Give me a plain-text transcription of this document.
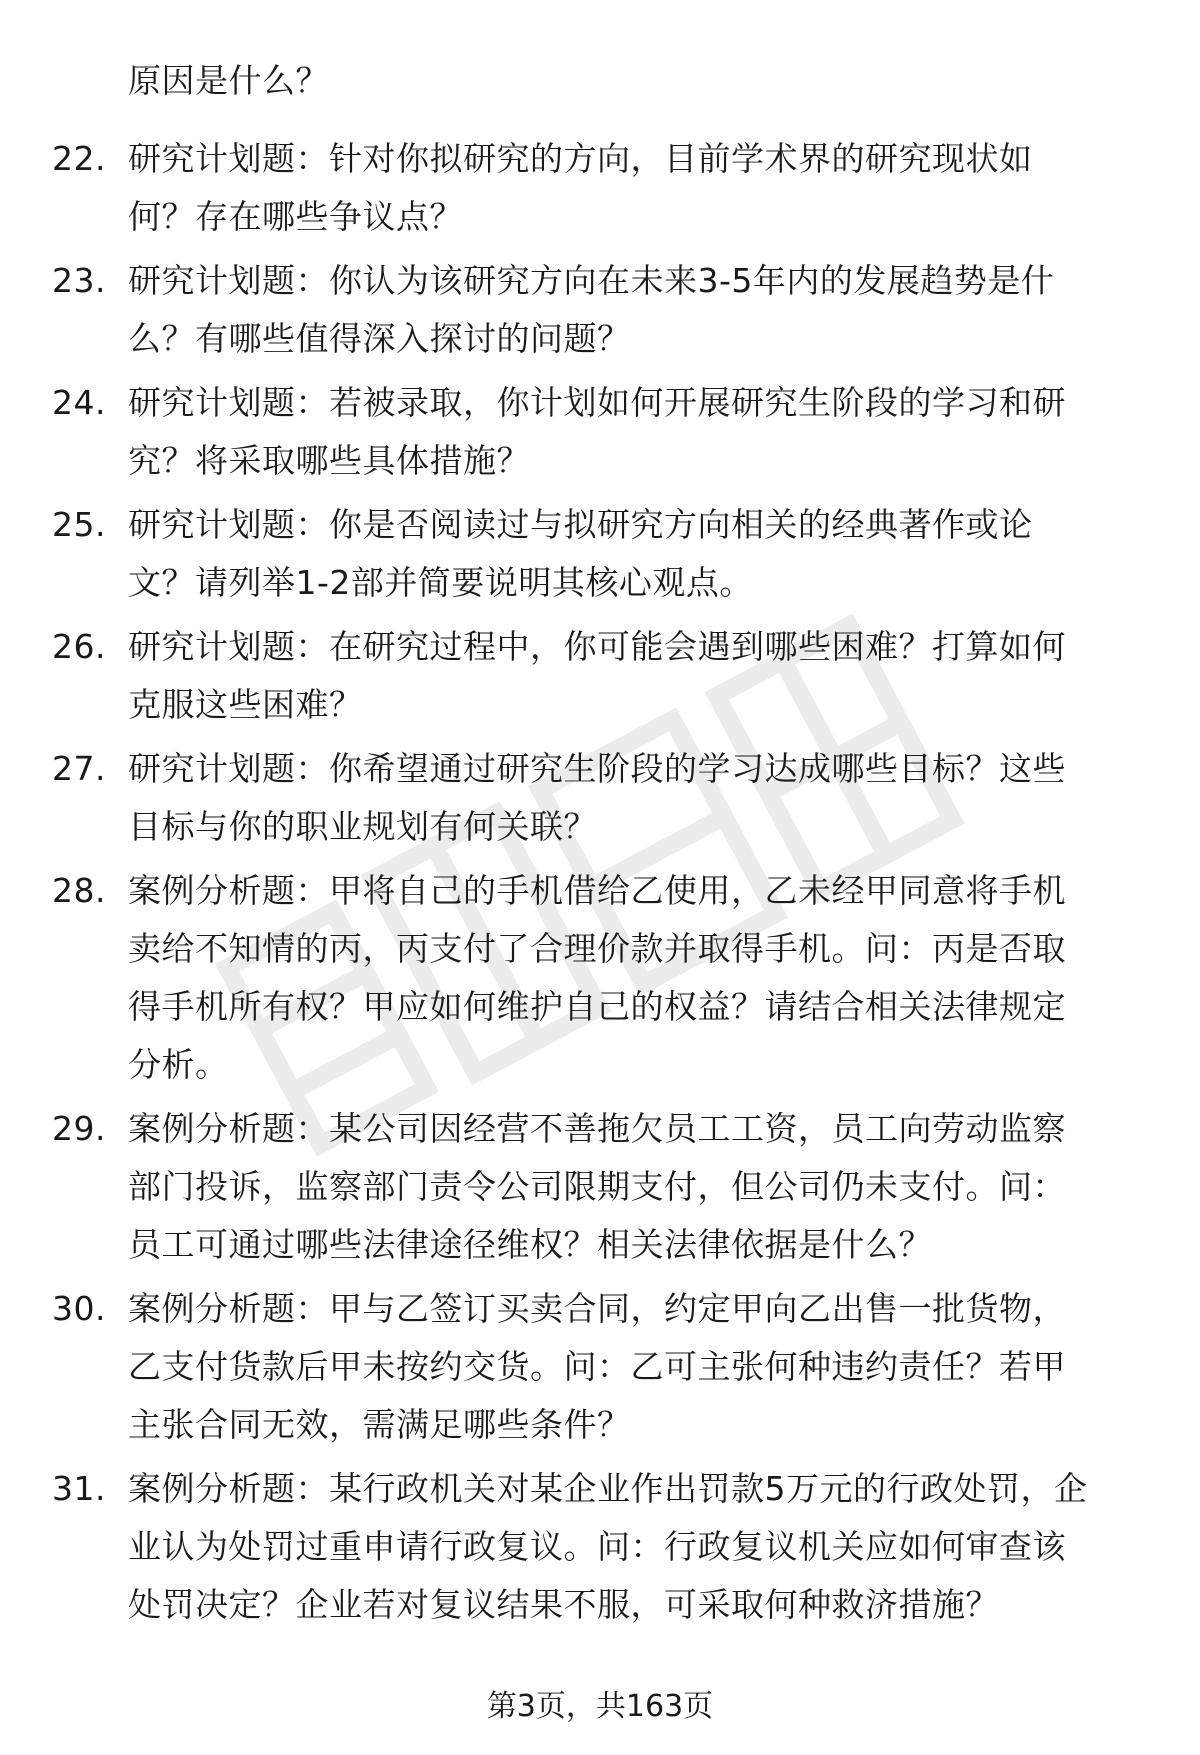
原因是什么？
22. 研究计划题：针对你拟研究的方向，目前学术界的研究现状如
何？存在哪些争议点？
23. 研究计划题：你认为该研究方向在未来3-5年内的发展趋势是什
么？有哪些值得深入探讨的问题？
24. 研究计划题：若被录取，你计划如何开展研究生阶段的学习和研
究？将采取哪些具体措施？
25. 研究计划题：你是否阅读过与拟研究方向相关的经典著作或论
文？请列举1-2部并简要说明其核心观点。
26. 研究计划题：在研究过程中，你可能会遇到哪些困难？打算如何
克服这些困难？
27. 研究计划题：你希望通过研究生阶段的学习达成哪些目标？这些
目标与你的职业规划有何关联？
28. 案例分析题：甲将自己的手机借给乙使用，乙未经甲同意将手机
卖给不知情的丙，丙支付了合理价款并取得手机。问：丙是否取
得手机所有权？甲应如何维护自己的权益？请结合相关法律规定
分析。
29. 案例分析题：某公司因经营不善拖欠员工工资，员工向劳动监察
部门投诉，监察部门责令公司限期支付，但公司仍未支付。问：
员工可通过哪些法律途径维权？相关法律依据是什么？
30. 案例分析题：甲与乙签订买卖合同，约定甲向乙出售一批货物，
乙支付货款后甲未按约交货。问：乙可主张何种违约责任？若甲
主张合同无效，需满足哪些条件？
31. 案例分析题：某行政机关对某企业作出罚款5万元的行政处罚，企
业认为处罚过重申请行政复议。问：行政复议机关应如何审查该
处罚决定？企业若对复议结果不服，可采取何种救济措施？
第3页，共163页
